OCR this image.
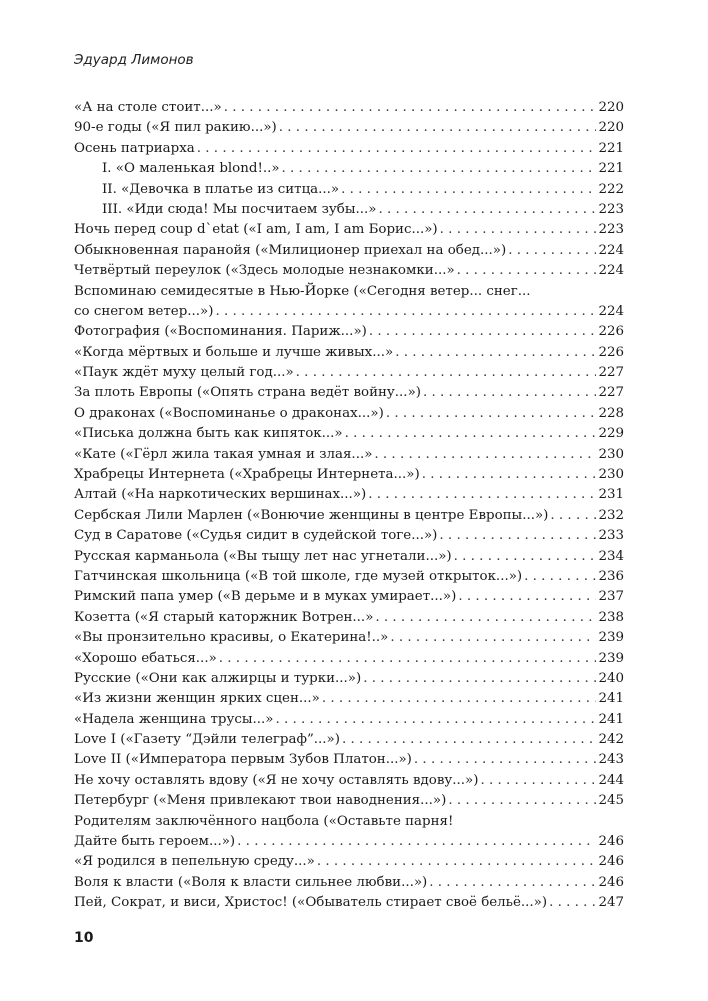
Эдуард Лимонов
«А на столе стоит...» . . .	220
90-е годы («Я пил ракию...») . . .	220
Осень патриарха . . .	221
I. «О маленькая blond!..» . . .	221
II. «Девочка в платье из ситца...» . . .	222
III. «Иди сюда! Мы посчитаем зубы...» . . .	223
Ночь перед coup d`etat («I am, I am, I am Борис...») . . .	223
Обыкновенная паранойя («Милиционер приехал на обед...») . . .	224
Четвёртый переулок («Здесь молодые незнакомки...» . . .	224
Вспоминаю семидесятые в Нью-Йорке («Сегодня ветер... снег...
со снегом ветер...») . . .	224
Фотография («Воспоминания. Париж...») . . .	226
«Когда мёртвых и больше и лучше живых...» . . .	226
«Паук ждёт муху целый год...» . . .	227
За плоть Европы («Опять страна ведёт войну...») . . .	227
О драконах («Воспоминанье о драконах...») . . .	228
«Писька должна быть как кипяток...» . . .	229
«Кате («Гёрл жила такая умная и злая...» . . .	230
Храбрецы Интернета («Храбрецы Интернета...») . . .	230
Алтай («На наркотических вершинах...») . . .	231
Сербская Лили Марлен («Вонючие женщины в центре Европы...») . . .	232
Суд в Саратове («Судья сидит в судейской тоге...») . . .	233
Русская карманьола («Вы тыщу лет нас угнетали...») . . .	234
Гатчинская школьница («В той школе, где музей открыток...») . . .	236
Римский папа умер («В дерьме и в муках умирает...») . . .	237
Козетта («Я старый каторжник Вотрен...» . . .	238
«Вы пронзительно красивы, о Екатерина!..» . . .	239
«Хорошо ебаться...» . . .	239
Русские («Они как алжирцы и турки...») . . .	240
«Из жизни женщин ярких сцен...» . . .	241
«Надела женщина трусы...» . . .	241
Love I («Газету “Дэйли телеграф”...») . . .	242
Love II («Императора первым Зубов Платон...») . . .	243
Не хочу оставлять вдову («Я не хочу оставлять вдову...») . . .	244
Петербург («Меня привлекают твои наводнения...») . . .	245
Родителям заключённого нацбола («Оставьте парня!
Дайте быть героем...») . . .	246
«Я родился в пепельную среду...» . . .	246
Воля к власти («Воля к власти сильнее любви...») . . .	246
Пей, Сократ, и виси, Христос! («Обыватель стирает своё бельё...») . . .	247
10
